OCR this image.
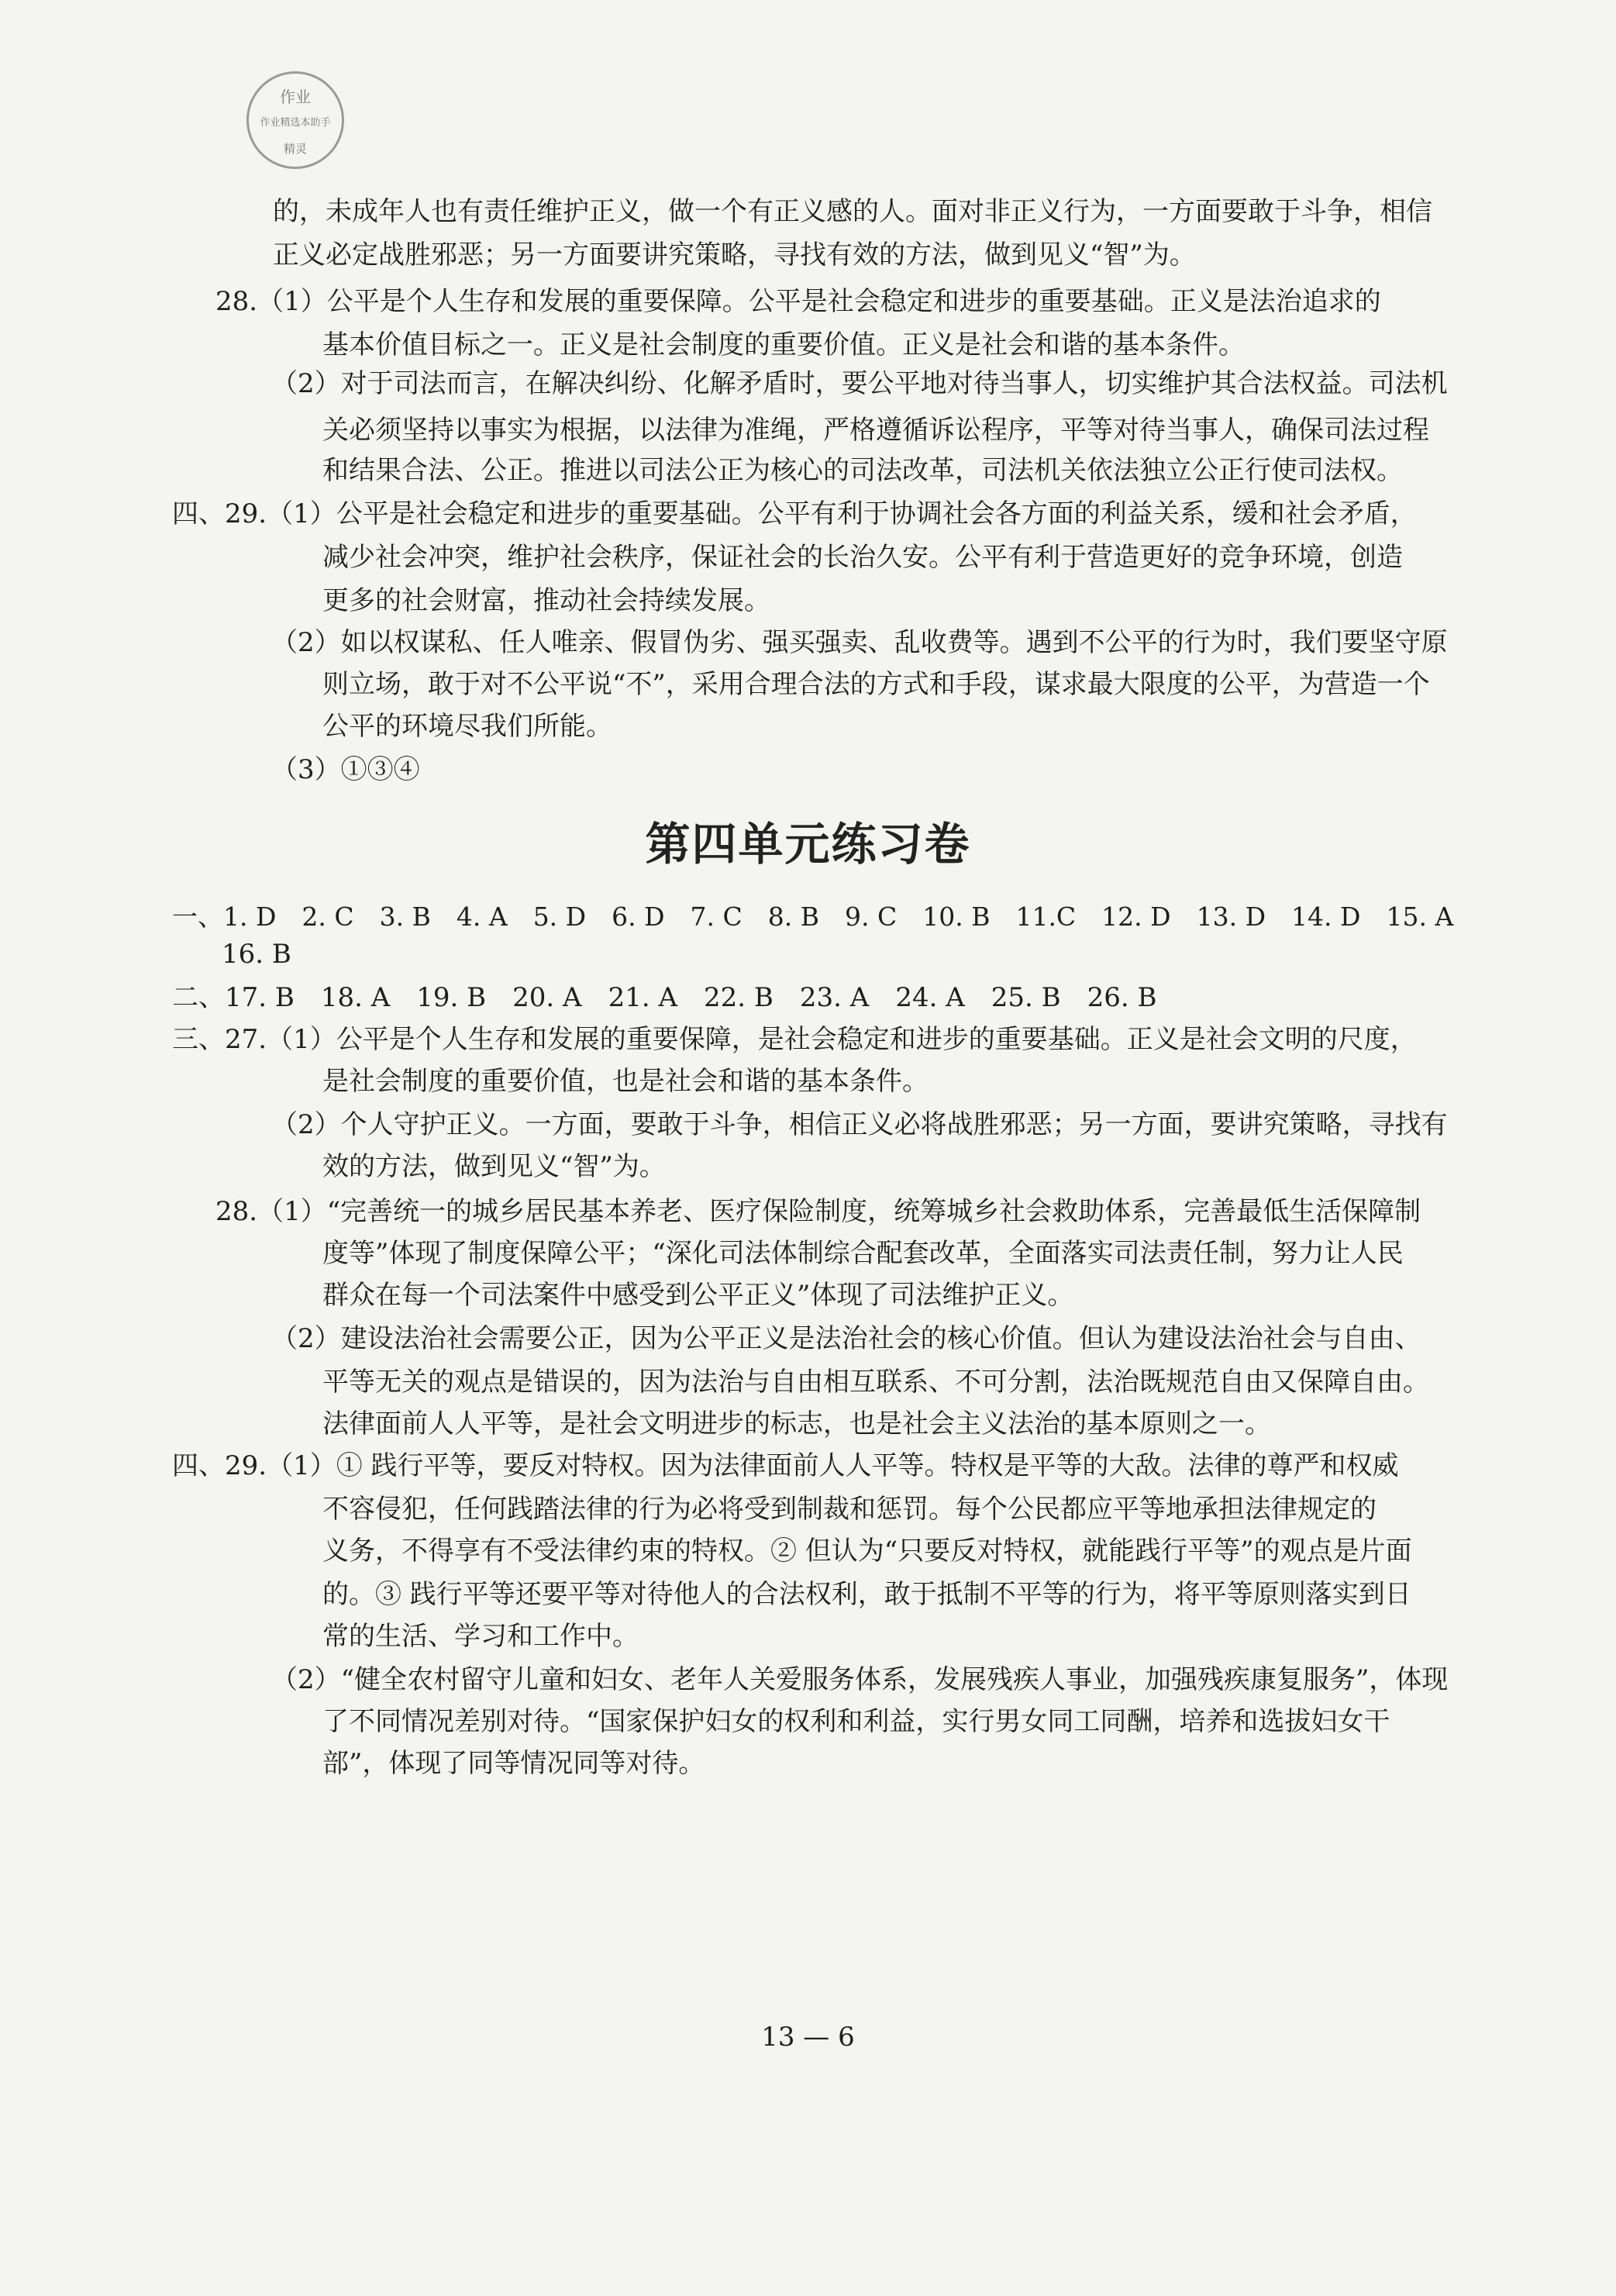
作业
作业精选本助手
精灵
的，未成年人也有责任维护正义，做一个有正义感的人。面对非正义行为，一方面要敢于斗争，相信
正义必定战胜邪恶；另一方面要讲究策略，寻找有效的方法，做到见义“智”为。
28.（1）公平是个人生存和发展的重要保障。公平是社会稳定和进步的重要基础。正义是法治追求的
基本价值目标之一。正义是社会制度的重要价值。正义是社会和谐的基本条件。
（2）对于司法而言，在解决纠纷、化解矛盾时，要公平地对待当事人，切实维护其合法权益。司法机
关必须坚持以事实为根据，以法律为准绳，严格遵循诉讼程序，平等对待当事人，确保司法过程
和结果合法、公正。推进以司法公正为核心的司法改革，司法机关依法独立公正行使司法权。
四、29.（1）公平是社会稳定和进步的重要基础。公平有利于协调社会各方面的利益关系，缓和社会矛盾，
减少社会冲突，维护社会秩序，保证社会的长治久安。公平有利于营造更好的竞争环境，创造
更多的社会财富，推动社会持续发展。
（2）如以权谋私、任人唯亲、假冒伪劣、强买强卖、乱收费等。遇到不公平的行为时，我们要坚守原
则立场，敢于对不公平说“不”，采用合理合法的方式和手段，谋求最大限度的公平，为营造一个
公平的环境尽我们所能。
（3）①③④
第四单元练习卷
一、1. D　2. C　3. B　4. A　5. D　6. D　7. C　8. B　9. C　10. B　11.C　12. D　13. D　14. D　15. A
16. B
二、17. B　18. A　19. B　20. A　21. A　22. B　23. A　24. A　25. B　26. B
三、27.（1）公平是个人生存和发展的重要保障，是社会稳定和进步的重要基础。正义是社会文明的尺度，
是社会制度的重要价值，也是社会和谐的基本条件。
（2）个人守护正义。一方面，要敢于斗争，相信正义必将战胜邪恶；另一方面，要讲究策略，寻找有
效的方法，做到见义“智”为。
28.（1）“完善统一的城乡居民基本养老、医疗保险制度，统筹城乡社会救助体系，完善最低生活保障制
度等”体现了制度保障公平；“深化司法体制综合配套改革，全面落实司法责任制，努力让人民
群众在每一个司法案件中感受到公平正义”体现了司法维护正义。
（2）建设法治社会需要公正，因为公平正义是法治社会的核心价值。但认为建设法治社会与自由、
平等无关的观点是错误的，因为法治与自由相互联系、不可分割，法治既规范自由又保障自由。
法律面前人人平等，是社会文明进步的标志，也是社会主义法治的基本原则之一。
四、29.（1）① 践行平等，要反对特权。因为法律面前人人平等。特权是平等的大敌。法律的尊严和权威
不容侵犯，任何践踏法律的行为必将受到制裁和惩罚。每个公民都应平等地承担法律规定的
义务，不得享有不受法律约束的特权。② 但认为“只要反对特权，就能践行平等”的观点是片面
的。③ 践行平等还要平等对待他人的合法权利，敢于抵制不平等的行为，将平等原则落实到日
常的生活、学习和工作中。
（2）“健全农村留守儿童和妇女、老年人关爱服务体系，发展残疾人事业，加强残疾康复服务”，体现
了不同情况差别对待。“国家保护妇女的权利和利益，实行男女同工同酬，培养和选拔妇女干
部”，体现了同等情况同等对待。
13 — 6
